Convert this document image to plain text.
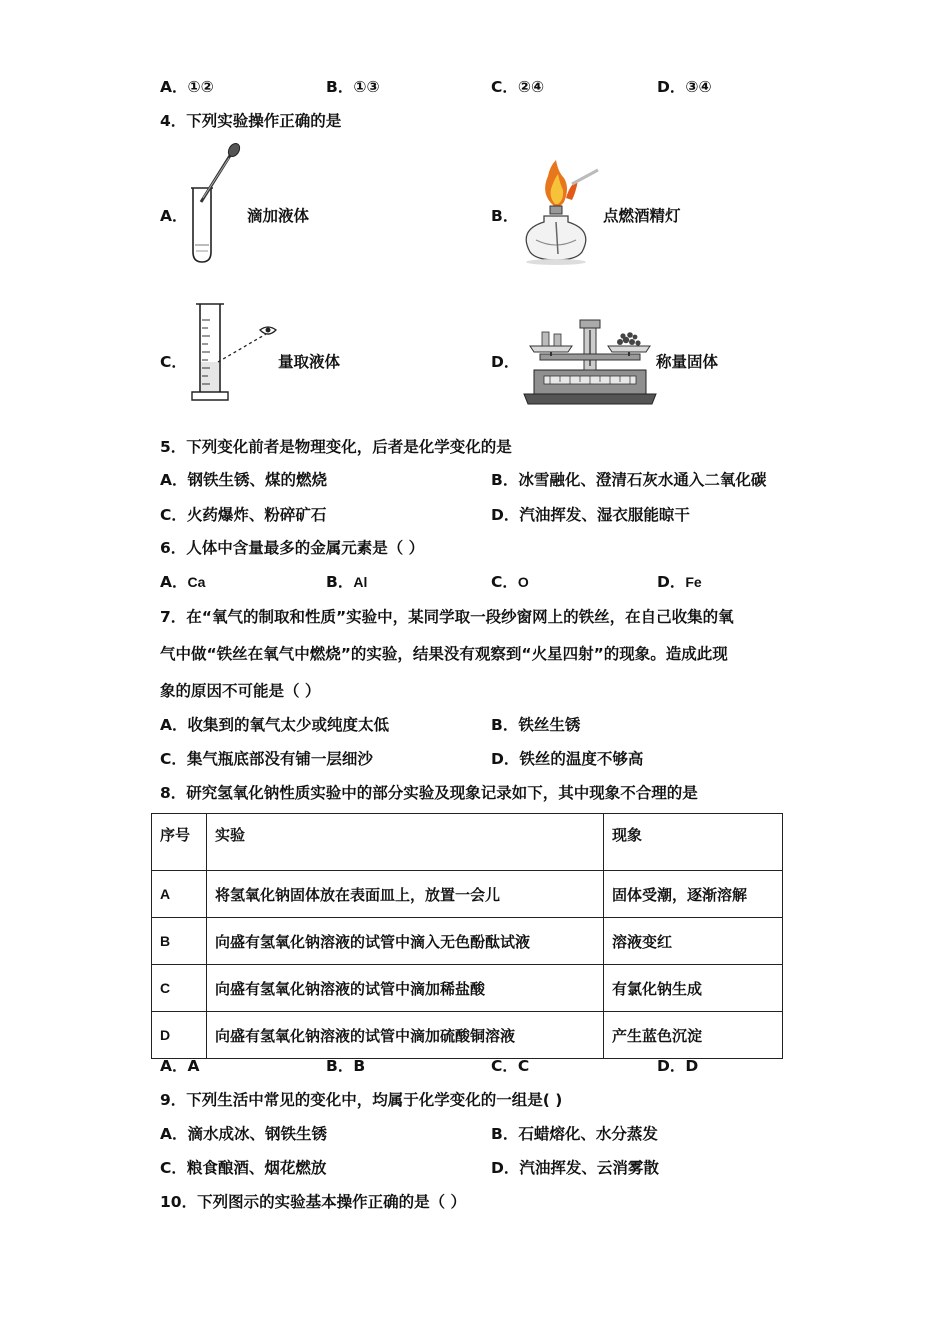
A．①②	B．①③	C．②④	D．③④
4．下列实验操作正确的是
A．	滴加液体	B．	点燃酒精灯
C．	量取液体	D．	称量固体
5．下列变化前者是物理变化，后者是化学变化的是
A．钢铁生锈、煤的燃烧	B．冰雪融化、澄清石灰水通入二氧化碳
C．火药爆炸、粉碎矿石	D．汽油挥发、湿衣服能晾干
6．人体中含量最多的金属元素是（ ）
A．Ca	B．Al	C．O	D．Fe
7．在“氧气的制取和性质”实验中，某同学取一段纱窗网上的铁丝，在自己收集的氧
气中做“铁丝在氧气中燃烧”的实验，结果没有观察到“火星四射”的现象。造成此现
象的原因不可能是（ ）
A．收集到的氧气太少或纯度太低	B．铁丝生锈
C．集气瓶底部没有铺一层细沙	D．铁丝的温度不够高
8．研究氢氧化钠性质实验中的部分实验及现象记录如下，其中现象不合理的是
序号	实验	现象
A	将氢氧化钠固体放在表面皿上，放置一会儿	固体受潮，逐渐溶解
B	向盛有氢氧化钠溶液的试管中滴入无色酚酞试液	溶液变红
C	向盛有氢氧化钠溶液的试管中滴加稀盐酸	有氯化钠生成
D	向盛有氢氧化钠溶液的试管中滴加硫酸铜溶液	产生蓝色沉淀
A．A	B．B	C．C	D．D
9．下列生活中常见的变化中，均属于化学变化的一组是( )
A．滴水成冰、钢铁生锈	B．石蜡熔化、水分蒸发
C．粮食酿酒、烟花燃放	D．汽油挥发、云消雾散
10．下列图示的实验基本操作正确的是（ ）
